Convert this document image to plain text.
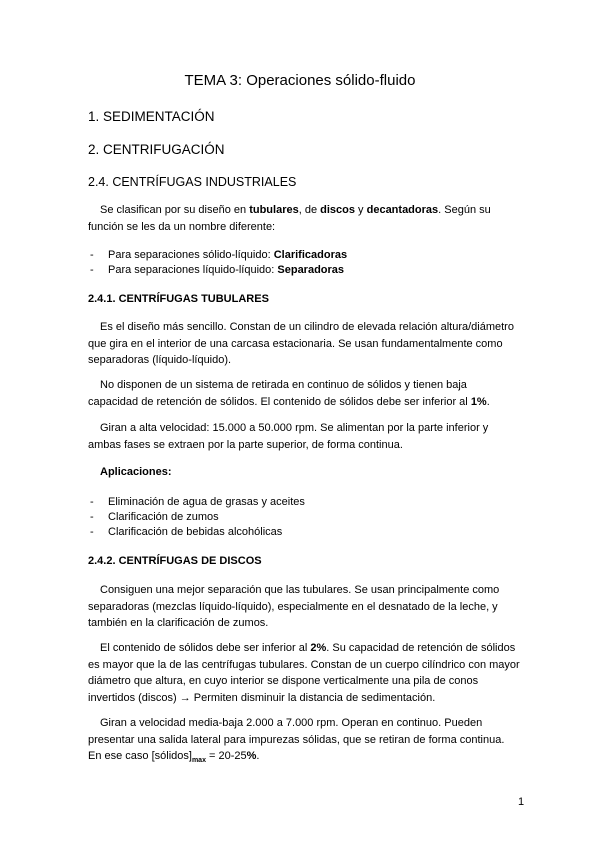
TEMA 3: Operaciones sólido-fluido
1. SEDIMENTACIÓN
2. CENTRIFUGACIÓN
2.4. CENTRÍFUGAS INDUSTRIALES

Se clasifican por su diseño en tubulares, de discos y decantadoras. Según su función se les da un nombre diferente:

- Para separaciones sólido-líquido: Clarificadoras
- Para separaciones líquido-líquido: Separadoras
2.4.1. CENTRÍFUGAS TUBULARES

Es el diseño más sencillo. Constan de un cilindro de elevada relación altura/diámetro que gira en el interior de una carcasa estacionaria. Se usan fundamentalmente como separadoras (líquido-líquido).

No disponen de un sistema de retirada en continuo de sólidos y tienen baja capacidad de retención de sólidos. El contenido de sólidos debe ser inferior al 1%.

Giran a alta velocidad: 15.000 a 50.000 rpm. Se alimentan por la parte inferior y ambas fases se extraen por la parte superior, de forma continua.

Aplicaciones:
- Eliminación de agua de grasas y aceites
- Clarificación de zumos
- Clarificación de bebidas alcohólicas
2.4.2. CENTRÍFUGAS DE DISCOS

Consiguen una mejor separación que las tubulares. Se usan principalmente como separadoras (mezclas líquido-líquido), especialmente en el desnatado de la leche, y también en la clarificación de zumos.

El contenido de sólidos debe ser inferior al 2%. Su capacidad de retención de sólidos es mayor que la de las centrífugas tubulares. Constan de un cuerpo cilíndrico con mayor diámetro que altura, en cuyo interior se dispone verticalmente una pila de conos invertidos (discos) → Permiten disminuir la distancia de sedimentación.

Giran a velocidad media-baja 2.000 a 7.000 rpm. Operan en continuo. Pueden presentar una salida lateral para impurezas sólidas, que se retiran de forma continua. En ese caso $[sólidos]_{max} = 20-25\%$.

1
